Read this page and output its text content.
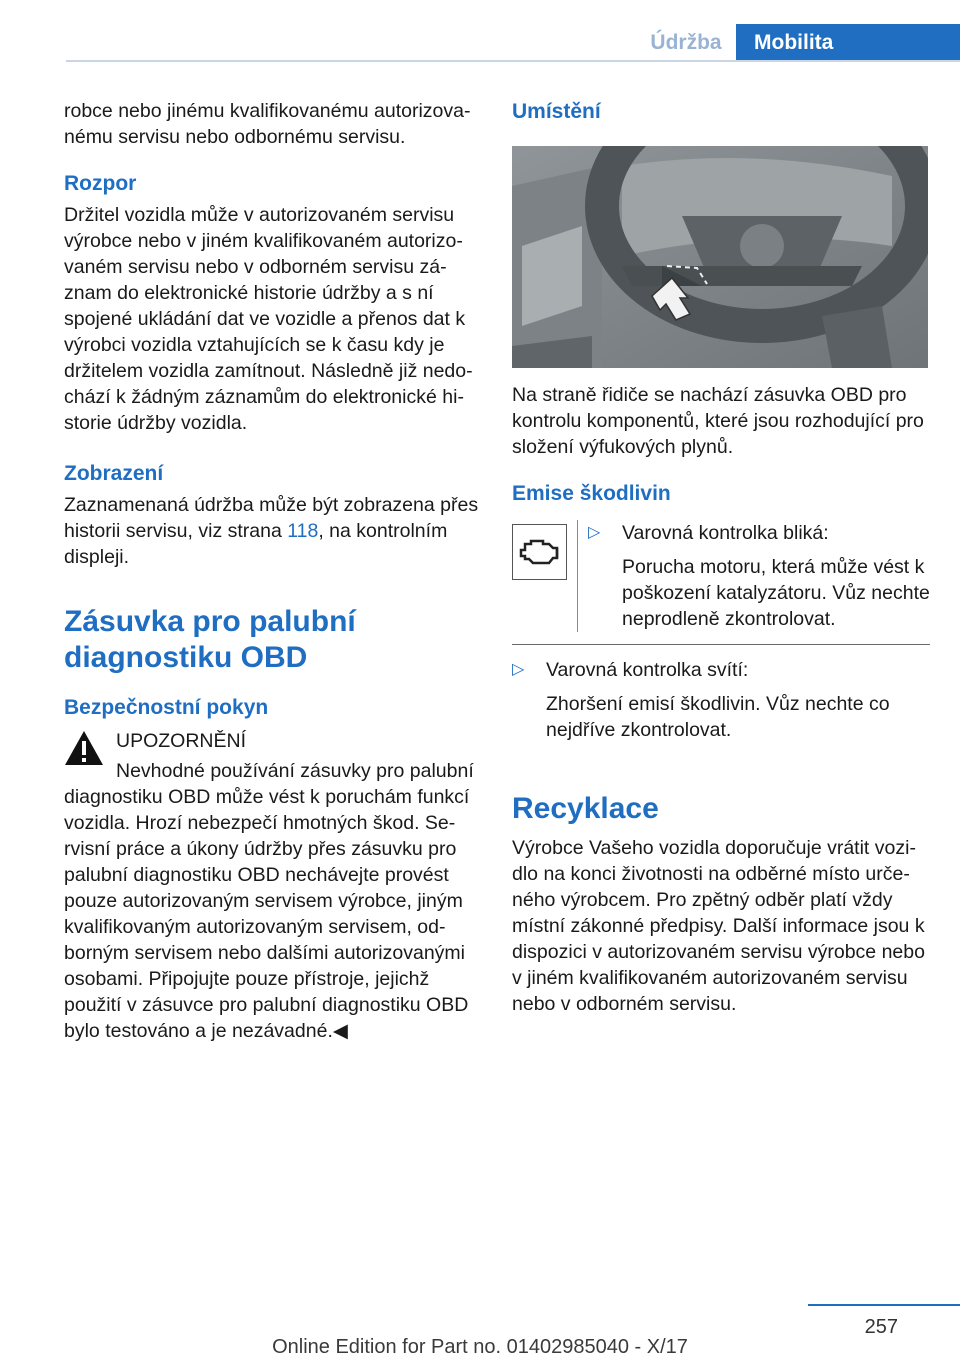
Údržba	Mobilita

robce nebo jinému kvalifikovanému autorizovanému servisu nebo odbornému servisu.

Rozpor

Držitel vozidla může v autorizovaném servisu výrobce nebo v jiném kvalifikovaném autorizovaném servisu nebo v odborném servisu záznam do elektronické historie údržby a s ní spojené ukládání dat ve vozidle a přenos dat k výrobci vozidla vztahujících se k času kdy je držitelem vozidla zamítnout. Následně již nedochází k žádným záznamům do elektronické historie údržby vozidla.

Zobrazení

Zaznamenaná údržba může být zobrazena přes historii servisu, viz strana 118, na kontrolním displeji.

Zásuvka pro palubní diagnostiku OBD

Bezpečnostní pokyn

UPOZORNĚNÍ

Nevhodné používání zásuvky pro palubní diagnostiku OBD může vést k poruchám funkcí vozidla. Hrozí nebezpečí hmotných škod. Servisní práce a úkony údržby přes zásuvku pro palubní diagnostiku OBD nechávejte provést pouze autorizovaným servisem výrobce, jiným kvalifikovaným autorizovaným servisem, odborným servisem nebo dalšími autorizovanými osobami. Připojujte pouze přístroje, jejichž použití v zásuvce pro palubní diagnostiku OBD bylo testováno a je nezávadné.◀

Umístění

Na straně řidiče se nachází zásuvka OBD pro kontrolu komponentů, které jsou rozhodující pro složení výfukových plynů.

Emise škodlivin

▷ Varovná kontrolka bliká:

Porucha motoru, která může vést k poškození katalyzátoru. Vůz nechte neprodleně zkontrolovat.

▷ Varovná kontrolka svítí:

Zhoršení emisí škodlivin. Vůz nechte co nejdříve zkontrolovat.

Recyklace

Výrobce Vašeho vozidla doporučuje vrátit vozidlo na konci životnosti na odběrné místo určeného výrobcem. Pro zpětný odběr platí vždy místní zákonné předpisy. Další informace jsou k dispozici v autorizovaném servisu výrobce nebo v jiném kvalifikovaném autorizovaném servisu nebo v odborném servisu.

257
Online Edition for Part no. 01402985040 - X/17
